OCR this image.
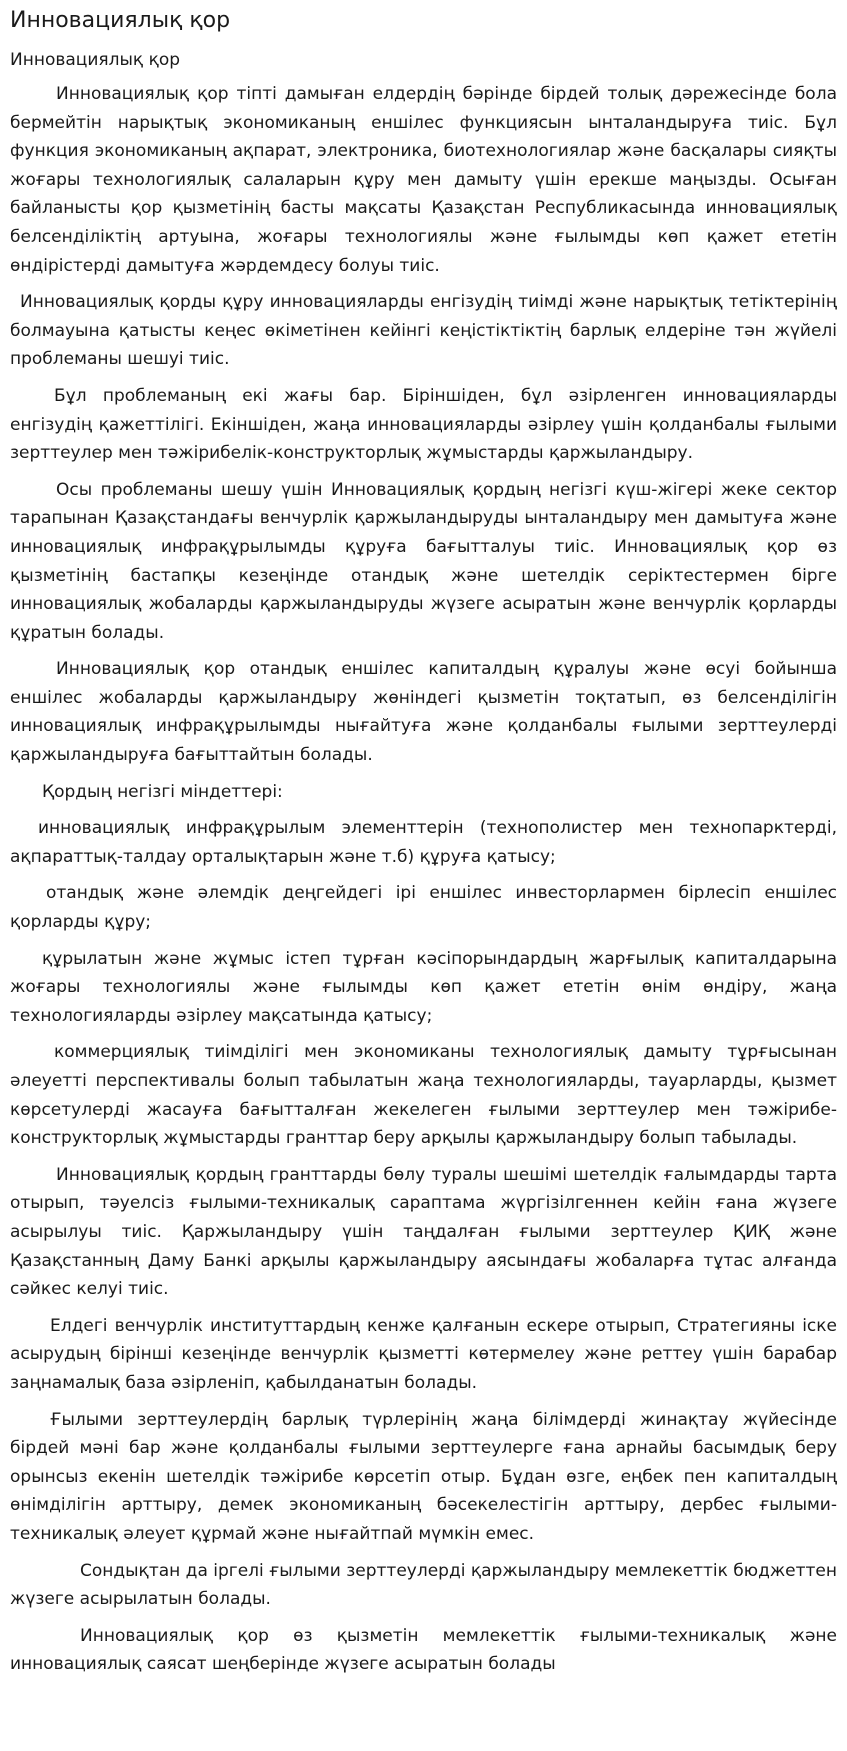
Инновациялық қор
Инновациялық қор

Инновациялық қор тіпті дамыған елдердің бәрінде бірдей толық дәрежесінде бола бермейтін нарықтық экономиканың еншілес функциясын ынталандыруға тиіс. Бұл функция экономиканың ақпарат, электроника, биотехнологиялар және басқалары сияқты жоғары технологиялық салаларын құру мен дамыту үшін ерекше маңызды. Осыған байланысты қор қызметінің басты мақсаты Қазақстан Республикасында инновациялық белсенділіктің артуына, жоғары технологиялы және ғылымды көп қажет ететін өндірістерді дамытуға жәрдемдесу болуы тиіс.

Инновациялық қорды құру инновацияларды енгізудің тиімді және нарықтық тетіктерінің болмауына қатысты кеңес өкіметінен кейінгі кеңістіктіктің барлық елдеріне тән жүйелі проблеманы шешуі тиіс.

Бұл проблеманың екі жағы бар. Біріншіден, бұл әзірленген инновацияларды енгізудің қажеттілігі. Екіншіден, жаңа инновацияларды әзірлеу үшін қолданбалы ғылыми зерттеулер мен тәжірибелік-конструкторлық жұмыстарды қаржыландыру.

Осы проблеманы шешу үшін Инновациялық қордың негізгі күш-жігері жеке сектор тарапынан Қазақстандағы венчурлік қаржыландыруды ынталандыру мен дамытуға және инновациялық инфрақұрылымды құруға бағытталуы тиіс. Инновациялық қор өз қызметінің бастапқы кезеңінде отандық және шетелдік серіктестермен бірге инновациялық жобаларды қаржыландыруды жүзеге асыратын және венчурлік қорларды құратын болады.

Инновациялық қор отандық еншілес капиталдың құралуы және өсуі бойынша еншілес жобаларды қаржыландыру жөніндегі қызметін тоқтатып, өз белсенділігін инновациялық инфрақұрылымды нығайтуға және қолданбалы ғылыми зерттеулерді қаржыландыруға бағыттайтын болады.

Қордың негізгі міндеттері:

инновациялық инфрақұрылым элементтерін (технополистер мен технопарктерді, ақпараттық-талдау орталықтарын және т.б) құруға қатысу;

отандық және әлемдік деңгейдегі ірі еншілес инвесторлармен бірлесіп еншілес қорларды құру;

құрылатын және жұмыс істеп тұрған кәсіпорындардың жарғылық капиталдарына жоғары технологиялы және ғылымды көп қажет ететін өнім өндіру, жаңа технологияларды әзірлеу мақсатында қатысу;

коммерциялық тиімділігі мен экономиканы технологиялық дамыту тұрғысынан әлеуетті перспективалы болып табылатын жаңа технологияларды, тауарларды, қызмет көрсетулерді жасауға бағытталған жекелеген ғылыми зерттеулер мен тәжірибе-конструкторлық жұмыстарды гранттар беру арқылы қаржыландыру болып табылады.

Инновациялық қордың гранттарды бөлу туралы шешімі шетелдік ғалымдарды тарта отырып, тәуелсіз ғылыми-техникалық сараптама жүргізілгеннен кейін ғана жүзеге асырылуы тиіс. Қаржыландыру үшін таңдалған ғылыми зерттеулер ҚИҚ және Қазақстанның Даму Банкі арқылы қаржыландыру аясындағы жобаларға тұтас алғанда сәйкес келуі тиіс.

Елдегі венчурлік институттардың кенже қалғанын ескере отырып, Стратегияны іске асырудың бірінші кезеңінде венчурлік қызметті көтермелеу және реттеу үшін барабар заңнамалық база әзірленіп, қабылданатын болады.

Ғылыми зерттеулердің барлық түрлерінің жаңа білімдерді жинақтау жүйесінде бірдей мәні бар және қолданбалы ғылыми зерттеулерге ғана арнайы басымдық беру орынсыз екенін шетелдік тәжірибе көрсетіп отыр. Бұдан өзге, еңбек пен капиталдың өнімділігін арттыру, демек экономиканың бәсекелестігін арттыру, дербес ғылыми-техникалық әлеует құрмай және нығайтпай мүмкін емес.

Сондықтан да іргелі ғылыми зерттеулерді қаржыландыру мемлекеттік бюджеттен жүзеге асырылатын болады.

Инновациялық қор өз қызметін мемлекеттік ғылыми-техникалық және инновациялық саясат шеңберінде жүзеге асыратын болады
